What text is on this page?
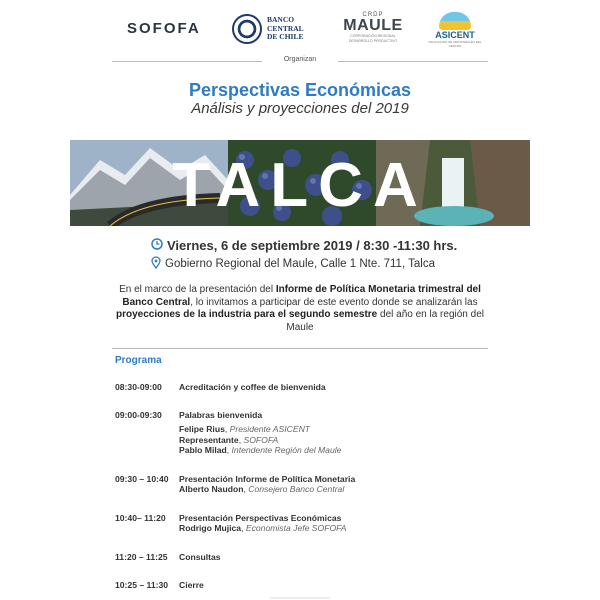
SOFOFA
BANCO
CENTRAL
DE CHILE
CRDP
MAULE
CORPORACIÓN REGIONAL DESARROLLO PRODUCTIVO
ASICENT
ASOCIACIÓN DE INDUSTRIALES DEL CENTRO
Organizan
Perspectivas Económicas
Análisis y proyecciones del 2019
TALCA
Viernes, 6 de septiembre 2019 / 8:30 -11:30 hrs.
Gobierno Regional del Maule, Calle 1 Nte. 711, Talca
En el marco de la presentación del Informe de Política Monetaria trimestral del Banco Central, lo invitamos a participar de este evento donde se analizarán las proyecciones de la industria para el segundo semestre del año en la región del Maule
Programa
08:30-09:00 Acreditación y coffee de bienvenida
09:00-09:30 Palabras bienvenida
Felipe Rius, Presidente ASICENT
Representante, SOFOFA
Pablo Milad, Intendente Región del Maule
09:30 – 10:40 Presentación Informe de Política Monetaria
Alberto Naudon, Consejero Banco Central
10:40– 11:20 Presentación Perspectivas Económicas
Rodrigo Mujica, Economista Jefe SOFOFA
11:20 – 11:25 Consultas
10:25 – 11:30 Cierre
